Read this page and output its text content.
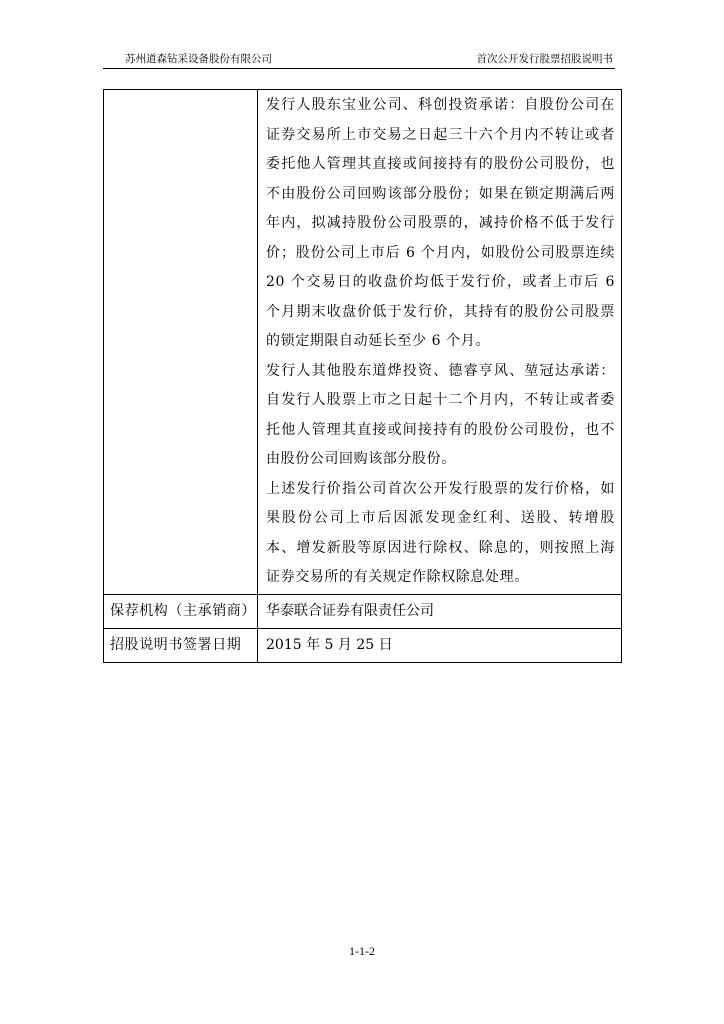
苏州道森钻采设备股份有限公司	首次公开发行股票招股说明书
发行人股东宝业公司、科创投资承诺：自股份公司在证券交易所上市交易之日起三十六个月内不转让或者委托他人管理其直接或间接持有的股份公司股份，也不由股份公司回购该部分股份；如果在锁定期满后两年内，拟减持股份公司股票的，减持价格不低于发行价；股份公司上市后 6 个月内，如股份公司股票连续 20 个交易日的收盘价均低于发行价，或者上市后 6 个月期末收盘价低于发行价，其持有的股份公司股票的锁定期限自动延长至少 6 个月。
发行人其他股东道烨投资、德睿亨风、堃冠达承诺：自发行人股票上市之日起十二个月内，不转让或者委托他人管理其直接或间接持有的股份公司股份，也不由股份公司回购该部分股份。
上述发行价指公司首次公开发行股票的发行价格，如果股份公司上市后因派发现金红利、送股、转增股本、增发新股等原因进行除权、除息的，则按照上海证券交易所的有关规定作除权除息处理。
保荐机构（主承销商） 华泰联合证券有限责任公司
招股说明书签署日期	2015 年 5 月 25 日
1-1-2
